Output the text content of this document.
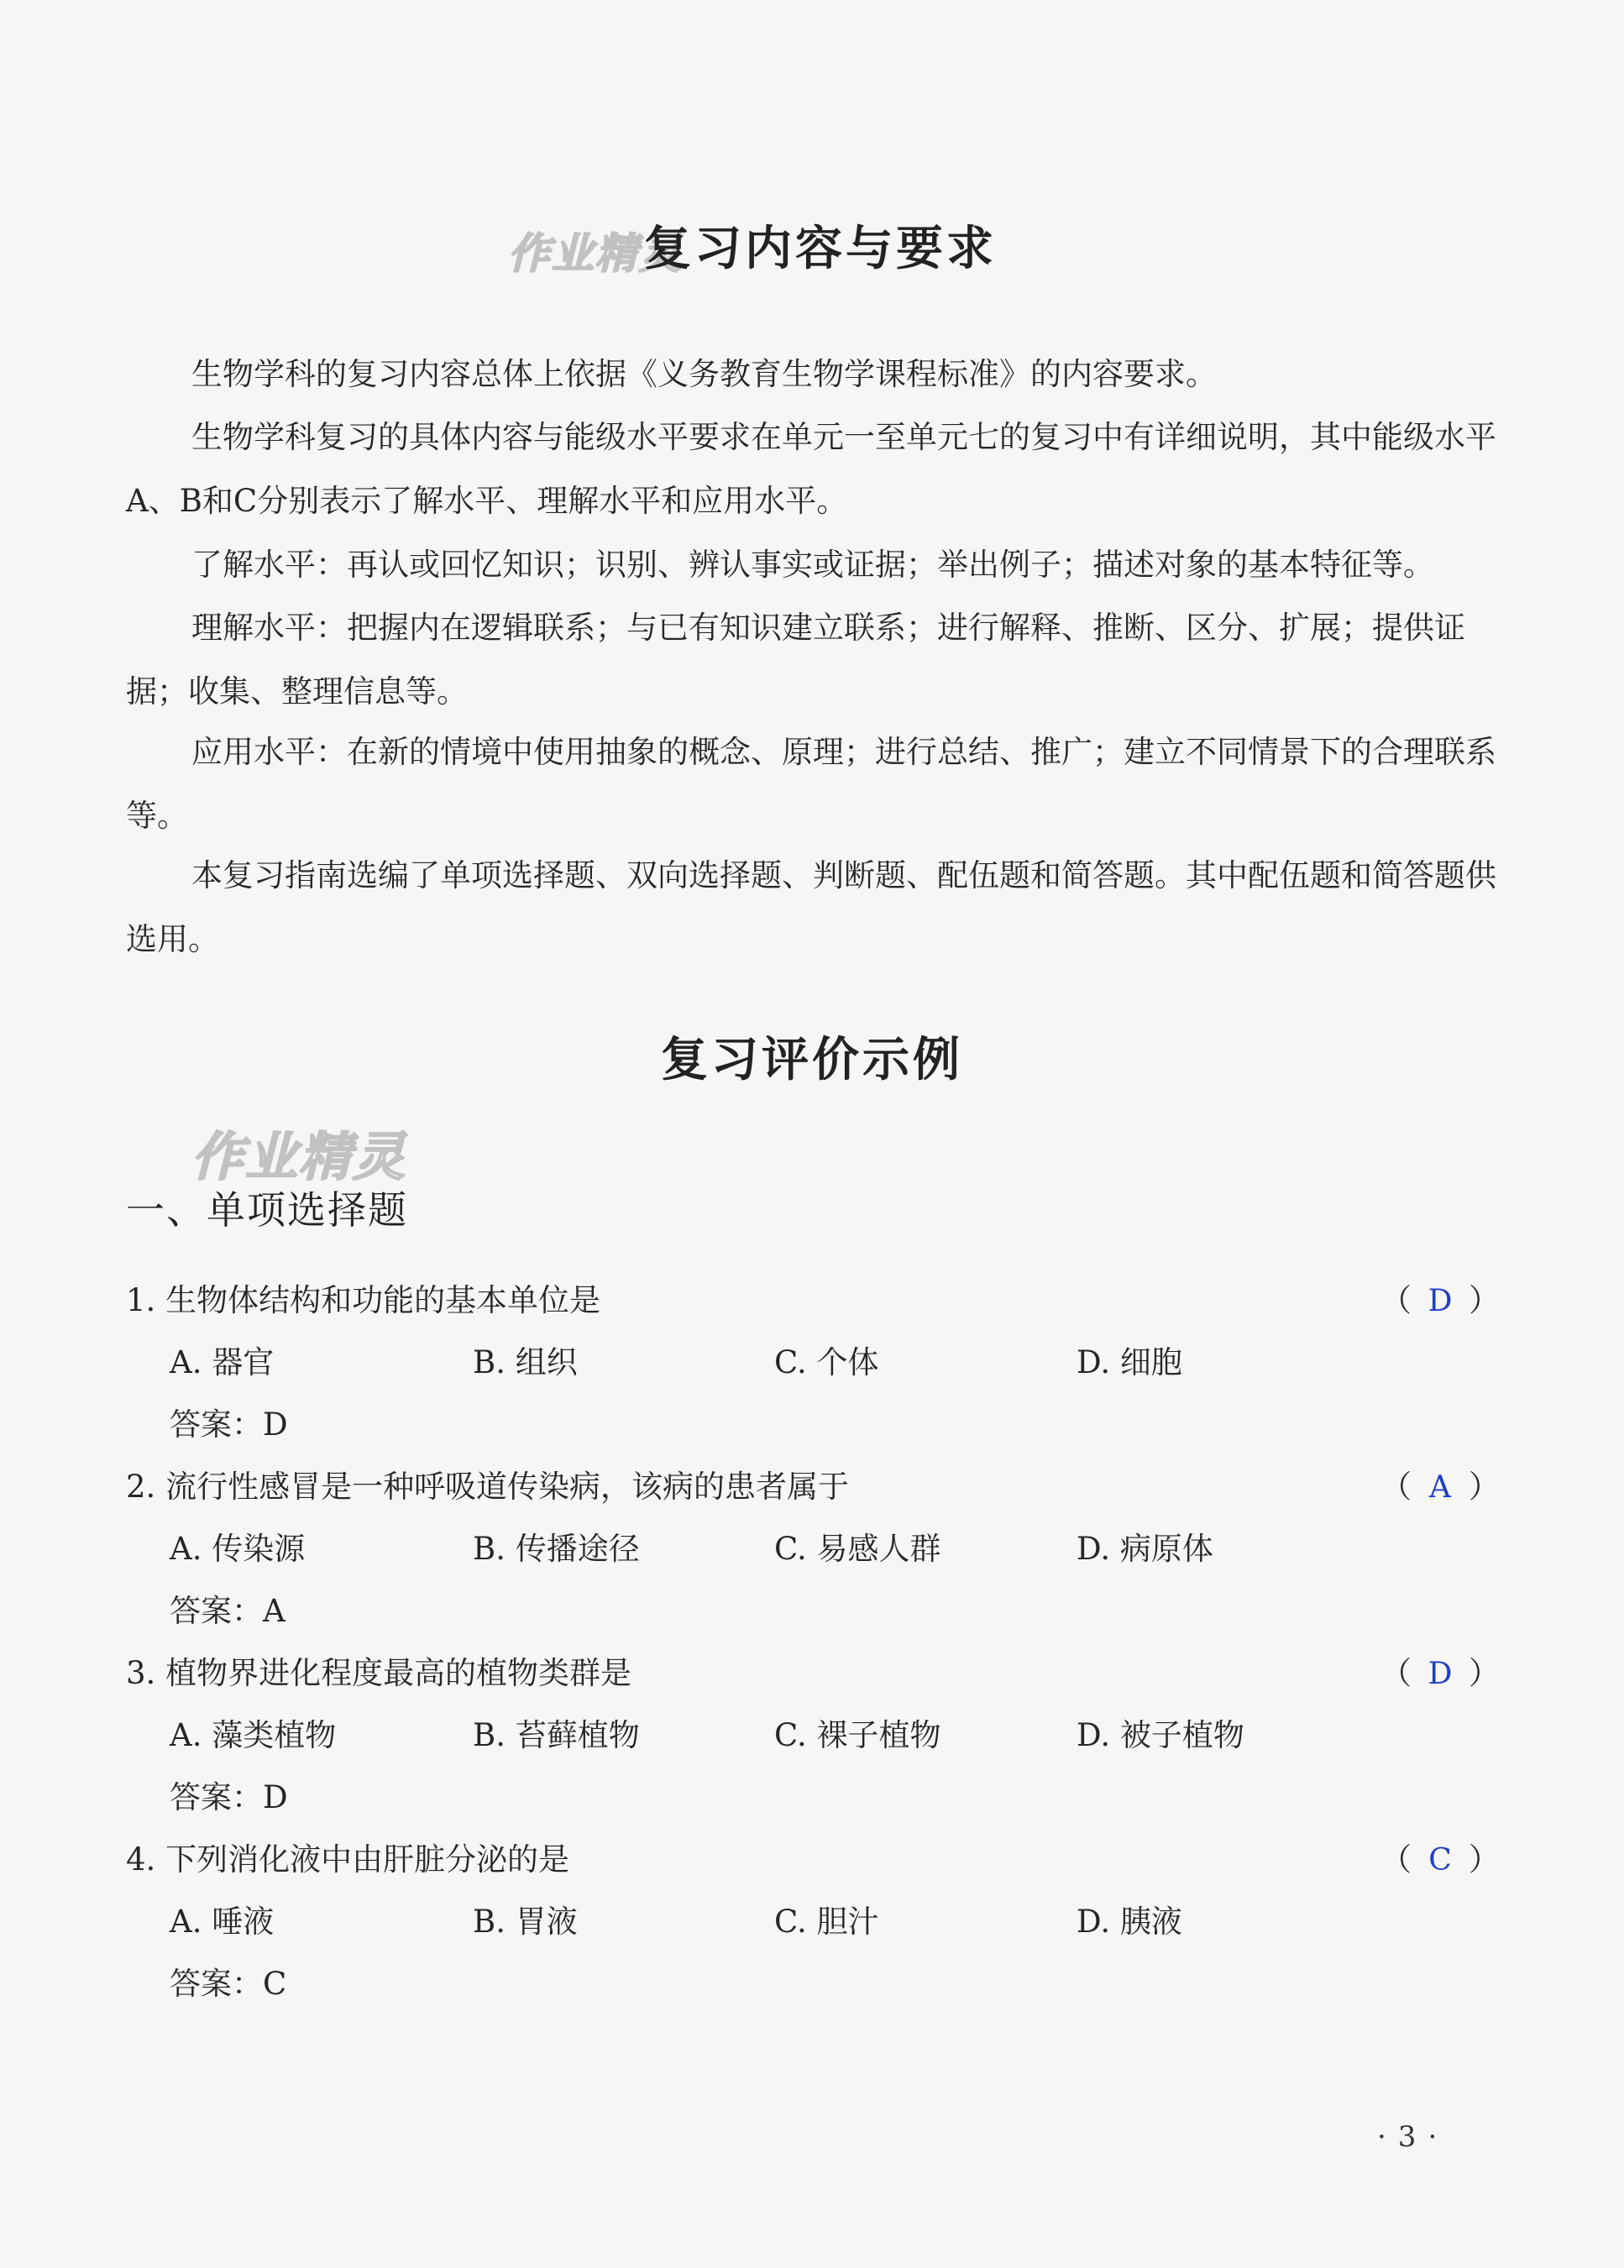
作业精灵
复习内容与要求
生物学科的复习内容总体上依据《义务教育生物学课程标准》的内容要求。
生物学科复习的具体内容与能级水平要求在单元一至单元七的复习中有详细说明，其中能级水平A、B和C分别表示了解水平、理解水平和应用水平。
了解水平：再认或回忆知识；识别、辨认事实或证据；举出例子；描述对象的基本特征等。
理解水平：把握内在逻辑联系；与已有知识建立联系；进行解释、推断、区分、扩展；提供证据；收集、整理信息等。
应用水平：在新的情境中使用抽象的概念、原理；进行总结、推广；建立不同情景下的合理联系等。
本复习指南选编了单项选择题、双向选择题、判断题、配伍题和简答题。其中配伍题和简答题供选用。
复习评价示例
作业精灵
一、单项选择题
1. 生物体结构和功能的基本单位是	（ D ）
A. 器官	B. 组织	C. 个体	D. 细胞
答案：D
2. 流行性感冒是一种呼吸道传染病，该病的患者属于	（ A ）
A. 传染源	B. 传播途径	C. 易感人群	D. 病原体
答案：A
3. 植物界进化程度最高的植物类群是	（ D ）
A. 藻类植物	B. 苔藓植物	C. 裸子植物	D. 被子植物
答案：D
4. 下列消化液中由肝脏分泌的是	（ C ）
A. 唾液	B. 胃液	C. 胆汁	D. 胰液
答案：C
·3·
